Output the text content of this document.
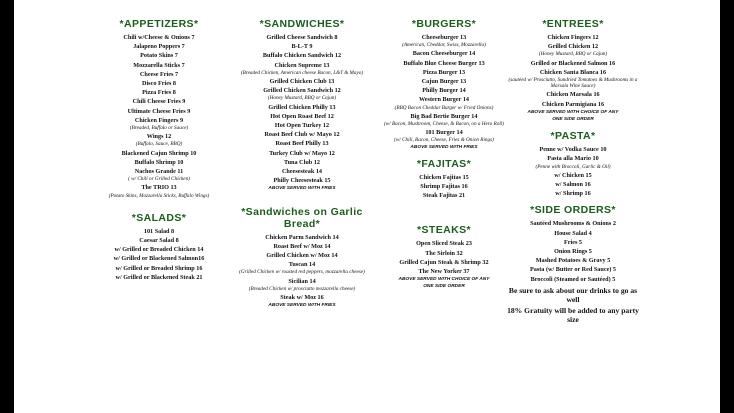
*APPETIZERS*
Chili w/Cheese & Onions 7
Jalapeno Poppers 7
Potato Skins 7
Mozzarella Sticks 7
Cheese Fries 7
Disco Fries 8
Pizza Fries 8
Chili Cheese Fries 9
Ultimate Cheese Fries 9
Chicken Fingers 9
(Breaded, Buffalo or Sauce)
Wings 12
(Buffalo, Sauce, BBQ)
Blackened Cajun Shrimp 10
Buffalo Shrimp 10
Nachos Grande 11
( w/ Chili or Grilled Chicken)
The TRIO 13
(Potato Skins, Mozzarella Sticks, Buffalo Wings)
*SALADS*
101 Salad 8
Caesar Salad 8
w/ Grilled or Breaded Chicken 14
w/ Grilled or Blackened Salmon16
w/ Grilled or Breaded Shrimp 16
w/ Grilled or Blackened Steak 21
*SANDWICHES*
Grilled Cheese Sandwich 8
B-L-T 9
Buffalo Chicken Sandwich 12
Chicken Supreme 13
(Breaded Chicken, American cheese Bacon, L&T & Mayo)
Grilled Chicken Club 13
Grilled Chicken Sandwich 12
(Honey Mustard, BBQ or Cajun)
Grilled Chicken Philly 13
Hot Open Roast Beef 12
Hot Open Turkey 12
Roast Beef Club w/ Mayo 12
Roast Beef Philly 13
Turkey Club w/ Mayo 12
Tuna Club 12
Cheesesteak 14
Philly Cheesesteak 15
ABOVE SERVED WITH FRIES
*Sandwiches on Garlic Bread*
Chicken Parm Sandwich 14
Roast Beef w/ Moz 14
Grilled Chicken w/ Moz 14
Tuscan 14
(Grilled Chicken w/ roasted red peppers, mozzarella cheese)
Sicilian 14
(Breaded Chicken w/ prosciutto mozzarella cheese)
Steak w/ Moz 16
ABOVE SERVED WITH FRIES
*BURGERS*
Cheeseburger 13
(American, Cheddar, Swiss, Mozzarella)
Bacon Cheeseburger 14
Buffalo Blue Cheese Burger 13
Pizza Burger 13
Cajun Burger 13
Philly Burger 14
Western Burger 14
(BBQ Bacon Cheddar Burger w/ Fried Onions)
Big Bad Bertie Burger 14
(w/ Bacon, Mushroom, Cheese, & Bacon, on a Hero Roll)
101 Burger 14
(w/ Chili, Bacon, Cheese, Fries & Onion Rings)
ABOVE SERVED WITH FRIES
*FAJITAS*
Chicken Fajitas 15
Shrimp Fajitas 16
Steak Fajitas 21
*STEAKS*
Open Sliced Steak 23
The Sirloin 32
Grilled Cajun Steak & Shrimp 32
The New Yorker 37
ABOVE SERVED WITH CHOICE OF ANY
ONE SIDE ORDER
*ENTREES*
Chicken Fingers 12
Grilled Chicken 12
(Honey Mustard, BBQ or Cajun)
Grilled or Blackened Salmon 16
Chicken Santa Blanca 16
(sautéed w/ Prosciutto, Sundried Tomatoes & Mushrooms in a Marsala Wine Sauce)
Chicken Marsala 16
Chicken Parmigiana 16
ABOVE SERVED WITH CHOICE OF ANY
ONE SIDE ORDER
*PASTA*
Penne w/ Vodka Sauce 10
Pasta alla Mario 10
(Penne with Broccoli, Garlic & Oil)
w/ Chicken 15
w/ Salmon 16
w/ Shrimp 16
*SIDE ORDERS*
Sautéed Mushrooms & Onions 2
House Salad 4
Fries 5
Onion Rings 5
Mashed Potatoes & Gravy 5
Pasta (w/ Butter or Red Sauce) 5
Broccoli (Steamed or Sautéed) 5
Be sure to ask about our drinks to go as well
18% Gratuity will be added to any party size
